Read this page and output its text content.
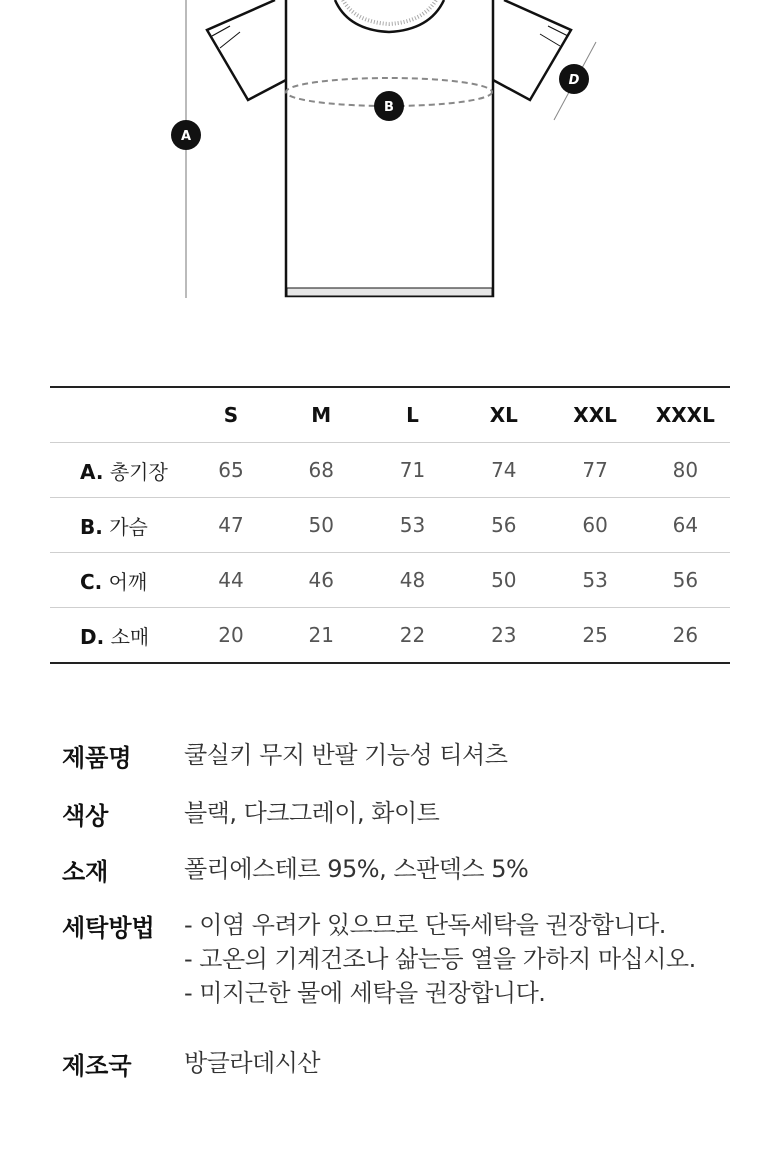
A
B
D
	S	M	L	XL	XXL	XXXL
A. 총기장	65	68	71	74	77	80
B. 가슴	47	50	53	56	60	64
C. 어깨	44	46	48	50	53	56
D. 소매	20	21	22	23	25	26
제품명	쿨실키 무지 반팔 기능성 티셔츠
색상	블랙, 다크그레이, 화이트
소재	폴리에스테르 95%, 스판덱스 5%
세탁방법	- 이염 우려가 있으므로 단독세탁을 권장합니다.
- 고온의 기계건조나 삶는등 열을 가하지 마십시오.
- 미지근한 물에 세탁을 권장합니다.
제조국	방글라데시산
